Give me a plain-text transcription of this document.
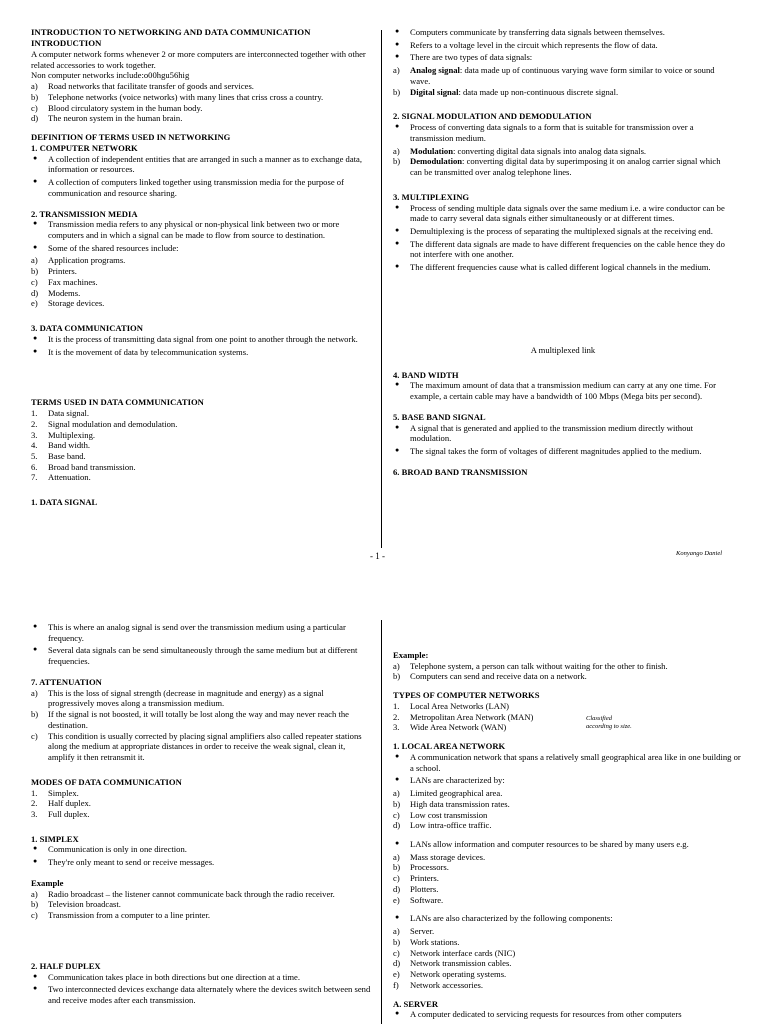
INTRODUCTION TO NETWORKING AND DATA COMMUNICATION

INTRODUCTION

A computer network forms whenever 2 or more computers are interconnected together with other related accessories to work together.

Non computer networks include:o00hgu56hig

a) Road networks that facilitate transfer of goods and services.
b) Telephone networks (voice networks) with many lines that criss cross a country.
c) Blood circulatory system in the human body.
d) The neuron system in the human brain.

DEFINITION OF TERMS USED IN NETWORKING

1. COMPUTER NETWORK

● A collection of independent entities that are arranged in such a manner as to exchange data, information or resources.
● A collection of computers linked together using transmission media for the purpose of communication and resource sharing.

2. TRANSMISSION MEDIA

● Transmission media refers to any physical or non-physical link between two or more computers and in which a signal can be made to flow from source to destination.
● Some of the shared resources include:
a) Application programs.
b) Printers.
c) Fax machines.
d) Modems.
e) Storage devices.

3. DATA COMMUNICATION

● It is the process of transmitting data signal from one point to another through the network.
● It is the movement of data by telecommunication systems.

TERMS USED IN DATA COMMUNICATION

1. Data signal.
2. Signal modulation and demodulation.
3. Multiplexing.
4. Band width.
5. Base band.
6. Broad band transmission.
7. Attenuation.

1. DATA SIGNAL

● Computers communicate by transferring data signals between themselves.
● Refers to a voltage level in the circuit which represents the flow of data.
● There are two types of data signals:
a) Analog signal: data made up of continuous varying wave form similar to voice or sound wave.
b) Digital signal: data made up non-continuous discrete signal.

2. SIGNAL MODULATION AND DEMODULATION

● Process of converting data signals to a form that is suitable for transmission over a transmission medium.
a) Modulation: converting digital data signals into analog data signals.
b) Demodulation: converting digital data by superimposing it on analog carrier signal which can be transmitted over analog telephone lines.

3. MULTIPLEXING

● Process of sending multiple data signals over the same medium i.e. a wire conductor can be made to carry several data signals either simultaneously or at different times.
● Demultiplexing is the process of separating the multiplexed signals at the receiving end.
● The different data signals are made to have different frequencies on the cable hence they do not interfere with one another.
● The different frequencies cause what is called different logical channels in the medium.

A multiplexed link

4. BAND WIDTH

● The maximum amount of data that a transmission medium can carry at any one time. For example, a certain cable may have a bandwidth of 100 Mbps (Mega bits per second).

5. BASE BAND SIGNAL

● A signal that is generated and applied to the transmission medium directly without modulation.
● The signal takes the form of voltages of different magnitudes applied to the medium.

6. BROAD BAND TRANSMISSION

- 1 -	Konyango Daniel
● This is where an analog signal is send over the transmission medium using a particular frequency.
● Several data signals can be send simultaneously through the same medium but at different frequencies.

7. ATTENUATION

a) This is the loss of signal strength (decrease in magnitude and energy) as a signal progressively moves along a transmission medium.
b) If the signal is not boosted, it will totally be lost along the way and may never reach the destination.
c) This condition is usually corrected by placing signal amplifiers also called repeater stations along the medium at appropriate distances in order to receive the weak signal, clean it, amplify it then retransmit it.

MODES OF DATA COMMUNICATION

1. Simplex.
2. Half duplex.
3. Full duplex.

1. SIMPLEX

● Communication is only in one direction.
● They're only meant to send or receive messages.

Example

a) Radio broadcast – the listener cannot communicate back through the radio receiver.
b) Television broadcast.
c) Transmission from a computer to a line printer.

2. HALF DUPLEX

● Communication takes place in both directions but one direction at a time.
● Two interconnected devices exchange data alternately where the devices switch between send and receive modes after each transmission.

Example:

a) Telephone system, a person can talk without waiting for the other to finish.
b) Computers can send and receive data on a network.

TYPES OF COMPUTER NETWORKS

1. Local Area Networks (LAN)
2. Metropolitan Area Network (MAN)
3. Wide Area Network (WAN)

1. LOCAL AREA NETWORK

● A communication network that spans a relatively small geographical area like in one building or a school.
● LANs are characterized by:
a) Limited geographical area.
b) High data transmission rates.
c) Low cost transmission
d) Low intra-office traffic.
● LANs allow information and computer resources to be shared by many users e.g.
a) Mass storage devices.
b) Processors.
c) Printers.
d) Plotters.
e) Software.
● LANs are also characterized by the following components:
a) Server.
b) Work stations.
c) Network interface cards (NIC)
d) Network transmission cables.
e) Network operating systems.
f) Network accessories.

A. SERVER

● A computer dedicated to servicing requests for resources from other computers
Classified
according to size.
